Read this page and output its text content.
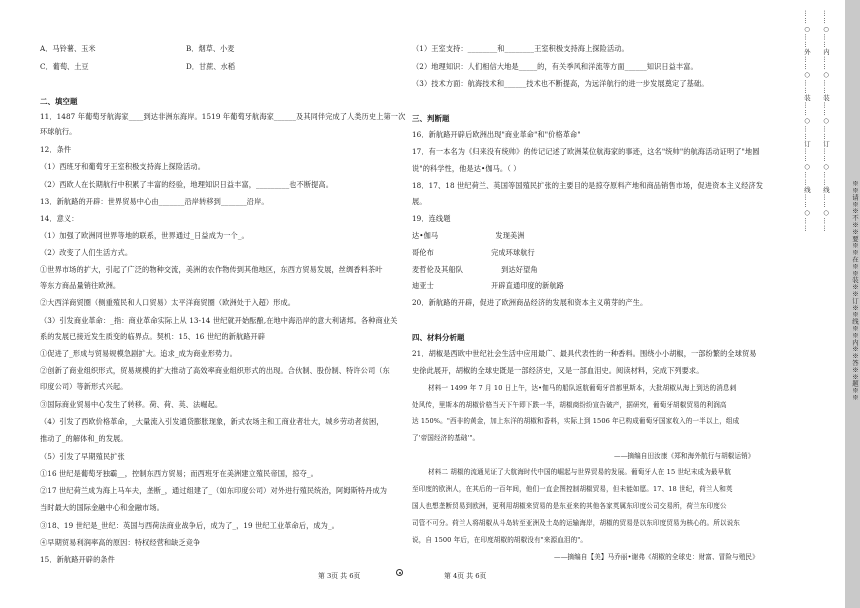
A．马铃薯、玉米	B．烟草、小麦
C．葡萄、土豆	D．甘蔗、水稻
二、填空题
11．1487 年葡萄牙航海家____到达非洲东海岸。1519 年葡萄牙航海家______及其同伴完成了人类历史上第一次
环球航行。
12．条件
（1）西班牙和葡萄牙王室积极支持海上探险活动。
（2）西欧人在长期航行中积累了丰富的经验，地理知识日益丰富，_________也不断提高。
13．新航路的开辟：世界贸易中心由_______沿岸转移到_______沿岸。
14．意义：
（1）加强了欧洲同世界等地的联系，世界通过_日益成为一个_。
（2）改变了人们生活方式。
①世界市场的扩大，引起了广泛的物种交流，美洲的农作物传到其他地区，东西方贸易发展，丝绸香料茶叶
等东方商品量销往欧洲。
②大西洋商贸圈（侧重殖民和人口贸易）太平洋商贸圈（欧洲处于入超）形成。
（3）引发商业革命：_指：商业革命实际上从 13-14 世纪就开始酝酿,在地中海沿岸的意大利诸邦。各种商业关
系的发展已接近发生质变的临界点。契机：15、16 世纪的新航路开辟
①促进了_形成与贸易规模急剧扩大。追求_成为商业形势力。
②创新了商业组织形式，贸易规模的扩大推动了高效率商业组织形式的出现。合伙制、股份制、特许公司（东
印度公司）等新形式兴起。
③国际商业贸易中心发生了转移。荷、荷、英、法崛起。
（4）引发了西欧价格革命，_大量流入引发通货膨胀现象，新式农场主和工商业者壮大，城乡劳动者贫困，
推动了_的解体和_的发展。
（5）引发了早期殖民扩张
①16 世纪是葡萄牙独霸__，控制东西方贸易；而西班牙在美洲建立殖民帝国，掠夺_。
②17 世纪荷兰成为海上马车夫，垄断_，通过组建了_（如东印度公司）对外进行殖民统治，阿姆斯特丹成为
当时最大的国际金融中心和金融市场。
③18、19 世纪是_世纪：英国与西荷法商业战争后，成为了_，19 世纪工业革命后，成为_。
④早期贸易利润率高的原因：特权经营和缺乏竞争
15．新航路开辟的条件
（1）王室支持：________和________王室积极支持海上探险活动。
（2）地理知识：人们相信大地是_____的，有关季风和洋流等方面______知识日益丰富。
（3）技术方面：航海技术和______技术也不断提高，为远洋航行的进一步发展奠定了基础。
三、判断题
16．新航路开辟后欧洲出现"商业革命"和"价格革命"
17．有一本名为《归来没有统帅》的传记记述了欧洲某位航海家的事迹，这名"统帅"的航海活动证明了"地圆
说"的科学性，他是达•伽马。（ ）
18．17、18 世纪荷兰、英国等国殖民扩张的主要目的是掠夺原料产地和商品销售市场，促进资本主义经济发
展。
19．连线题
达•伽马                        发现美洲
哥伦布                        完成环球航行
麦哲伦及其船队                到达好望角
迪亚士                        开辟直通印度的新航路
20．新航路的开辟，促进了欧洲商品经济的发展和资本主义萌芽的产生。
四、材料分析题
21．胡椒是西欧中世纪社会生活中应用最广、最具代表性的一种香料。围绕小小胡椒，一部纷繁的全球贸易
史徐此展开，胡椒的全球史既是一部经济史，又是一部血泪史。阅读材料，完成下列要求。
材料一 1499 年 7 月 10 日上午，达•伽马的船队返航葡萄牙首都里斯本，大批胡椒从海上到达的消息刺
处风传，里斯本的胡椒价格当天下午即下跌一半，胡椒商纷纷宣告破产，据研究，葡萄牙胡椒贸易的利润高
达 150%。"西非的黄金，加上东洋的胡椒和香料，实际上到 1506 年已构成葡萄牙国家收入的一半以上，组成
了'帝国经济的基础'"。
——摘编自田汝康《郑和海外航行与胡椒运销》
材料二 胡椒的流通见证了大航海时代中国的崛起与世界贸易的发展。葡萄牙人在 15 世纪末成为最早航
至印度的欧洲人，在其后的一百年间，他们一直企图控制胡椒贸易，但未能如愿。17、18 世纪，荷兰人和英
国人也想垄断贸易到欧洲，更利用胡椒来贸易的是东亚来的其他各家英属东印度公司交易所，荷兰东印度公
司管不可分。荷兰人将胡椒从斗岛转至亚洲及土岛的运输海岸，胡椒的贸易是以东印度贸易为核心的。所以说东
说，自 1500 年后，在印度胡椒的胡椒没有"来源血泪的"。
——摘编自【美】马乔丽•谢弗《胡椒的全球史：财富、冒险与殖民》
第 3页 共 6页	第 4页 共 6页
……○……外……○……装……○……订……○……线……○…… ……○……内……○……装……○……订……○……线……○……
※※请※※不※※要※※在※※装※※订※※线※※内※※答※※题※※
